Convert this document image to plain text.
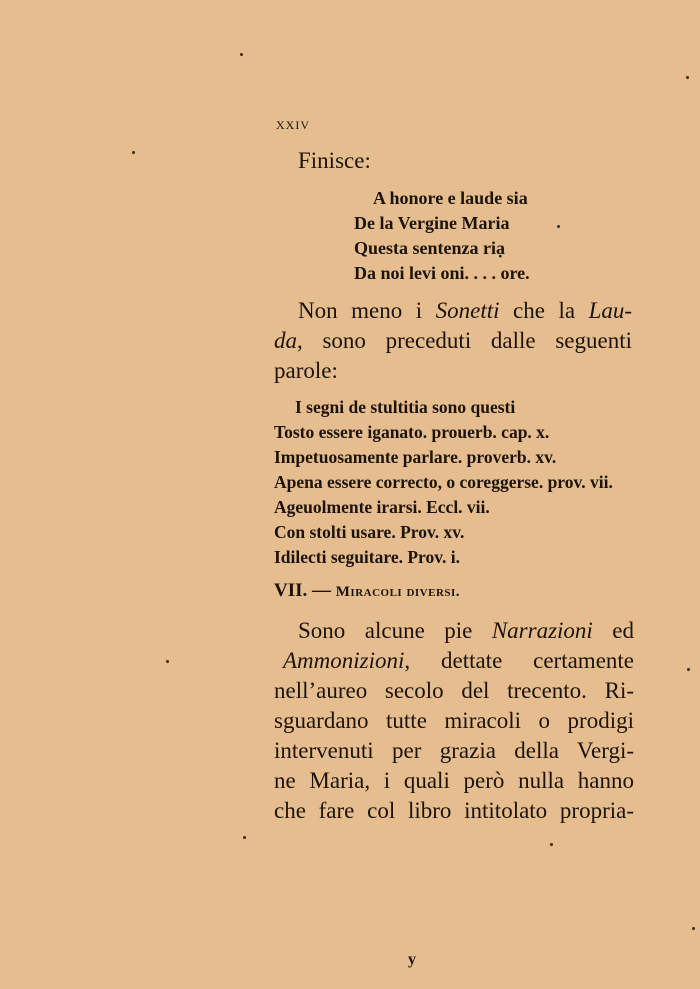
xxiv
Finisce:
A honore e laude sia
De la Vergine Maria
Questa sentenza riạ
Da noi levi oni. . . . ore.
Non meno i Sonetti che la Lau-
da, sono preceduti dalle seguenti
parole:
I segni de stultitia sono questi
Tosto essere iganato. prouerb. cap. x.
Impetuosamente parlare. proverb. xv.
Apena essere correcto, o coreggerse. prov. vii.
Ageuolmente irarsi. Eccl. vii.
Con stolti usare. Prov. xv.
Idilecti seguitare. Prov. i.
VII. — Miracoli diversi.
Sono alcune pie Narrazioni ed
Ammonizioni, dettate certamente
nell’aureo secolo del trecento. Ri-
sguardano tutte miracoli o prodigi
intervenuti per grazia della Vergi-
ne Maria, i quali però nulla hanno
che fare col libro intitolato propria-
y
